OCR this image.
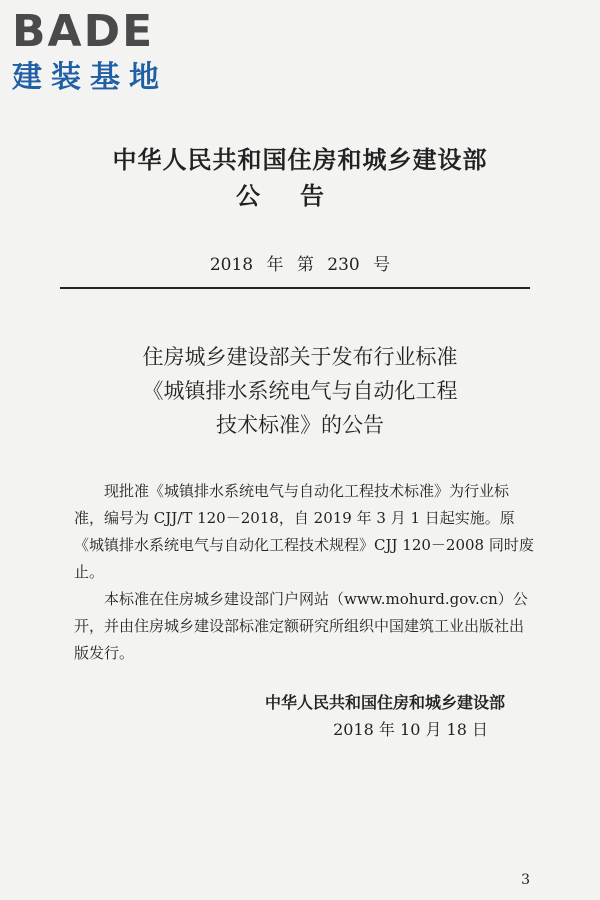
BADE
建装基地
中华人民共和国住房和城乡建设部
公告
2018 年 第 230 号
住房城乡建设部关于发布行业标准
《城镇排水系统电气与自动化工程
技术标准》的公告

现批准《城镇排水系统电气与自动化工程技术标准》为行业标准，编号为 CJJ/T 120－2018，自 2019 年 3 月 1 日起实施。原《城镇排水系统电气与自动化工程技术规程》CJJ 120－2008 同时废止。

本标准在住房城乡建设部门户网站（www.mohurd.gov.cn）公开，并由住房城乡建设部标准定额研究所组织中国建筑工业出版社出版发行。

中华人民共和国住房和城乡建设部
2018 年 10 月 18 日
3
